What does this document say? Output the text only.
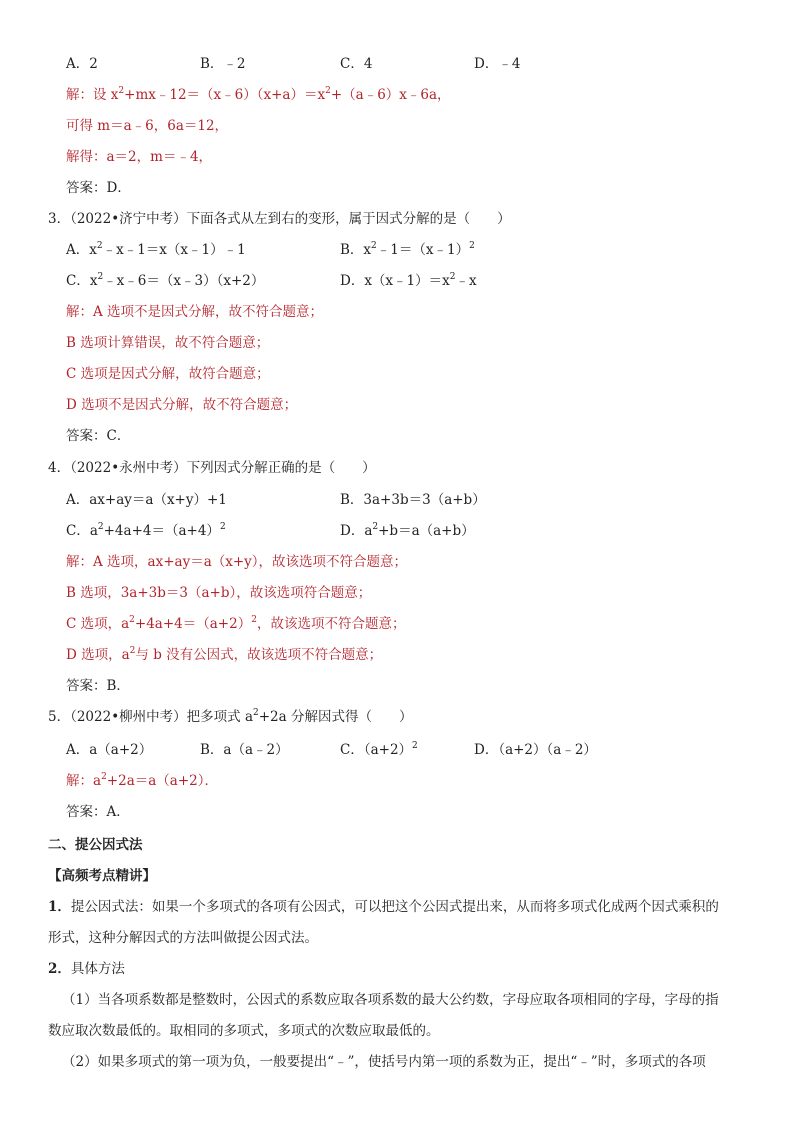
A．2	B．﹣2	C．4	D．﹣4
解：设 $x^2+mx﹣12=(x﹣6)(x+a)=x^2+(a﹣6)x﹣6a$，
可得 m＝a﹣6，6a＝12，
解得：a＝2，m＝﹣4，
答案：D．
3．（2022•济宁中考）下面各式从左到右的变形，属于因式分解的是（　　）
A．$x^2﹣x﹣1=x(x﹣1)﹣1$	B．$x^2﹣1=(x﹣1)^2$
C．$x^2﹣x﹣6=(x﹣3)(x+2)$	D．$x(x﹣1)=x^2﹣x$
解：A 选项不是因式分解，故不符合题意；
B 选项计算错误，故不符合题意；
C 选项是因式分解，故符合题意；
D 选项不是因式分解，故不符合题意；
答案：C．
4．（2022•永州中考）下列因式分解正确的是（　　）
A．ax+ay＝a（x+y）+1	B．3a+3b＝3（a+b）
C．$a^2+4a+4=(a+4)^2$	D．$a^2+b=a(a+b)$
解：A 选项，ax+ay＝a（x+y），故该选项不符合题意；
B 选项，3a+3b＝3（a+b），故该选项符合题意；
C 选项，$a^2+4a+4=(a+2)^2$，故该选项不符合题意；
D 选项，$a^2$与 b 没有公因式，故该选项不符合题意；
答案：B．
5．（2022•柳州中考）把多项式 $a^2+2a$ 分解因式得（　　）
A．a（a+2）	B．a（a﹣2）	C．$(a+2)^2$	D．（a+2）（a﹣2）
解：$a^2+2a=a(a+2)$．
答案：A．
二、提公因式法
【高频考点精讲】
1．提公因式法：如果一个多项式的各项有公因式，可以把这个公因式提出来，从而将多项式化成两个因式乘积的
形式，这种分解因式的方法叫做提公因式法。
2．具体方法
（1）当各项系数都是整数时，公因式的系数应取各项系数的最大公约数，字母应取各项相同的字母，字母的指
数应取次数最低的。取相同的多项式，多项式的次数应取最低的。
（2）如果多项式的第一项为负，一般要提出“﹣”，使括号内第一项的系数为正，提出“﹣”时，多项式的各项
